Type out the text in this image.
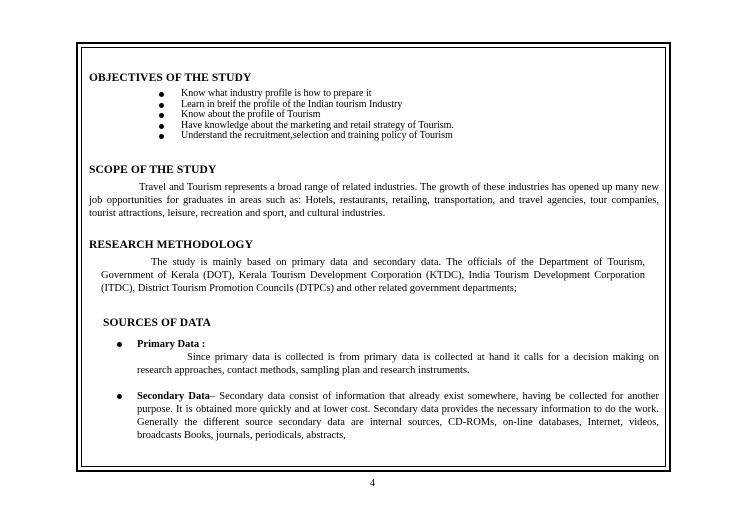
OBJECTIVES OF THE STUDY
Know what industry profile is how to prepare it
Learn in breif the profile of the Indian tourism Industry
Know about the profile of Tourism
Have knowledge about the marketing and retail strategy of Tourism.
Understand the recruitment,selection and training policy of Tourism
SCOPE OF THE STUDY

Travel and Tourism represents a broad range of related industries. The growth of these industries has opened up many new job opportunities for graduates in areas such as: Hotels, restaurants, retailing, transportation, and travel agencies, tour companies, tourist attractions, leisure, recreation and sport, and cultural industries.

RESEARCH METHODOLOGY

The study is mainly based on primary data and secondary data. The officials of the Department of Tourism, Government of Kerala (DOT), Kerala Tourism Development Corporation (KTDC), India Tourism Development Corporation (ITDC), District Tourism Promotion Councils (DTPCs) and other related government departments;

SOURCES OF DATA
Primary Data :

Since primary data is collected is from primary data is collected at hand it calls for a decision making on research approaches, contact methods, sampling plan and research instruments.

Secondary Data– Secondary data consist of information that already exist somewhere, having be collected for another purpose. It is obtained more quickly and at lower cost. Secondary data provides the necessary information to do the work. Generally the different source secondary data are internal sources, CD-ROMs, on-line databases, Internet, videos, broadcasts Books, journals, periodicals, abstracts,

4
